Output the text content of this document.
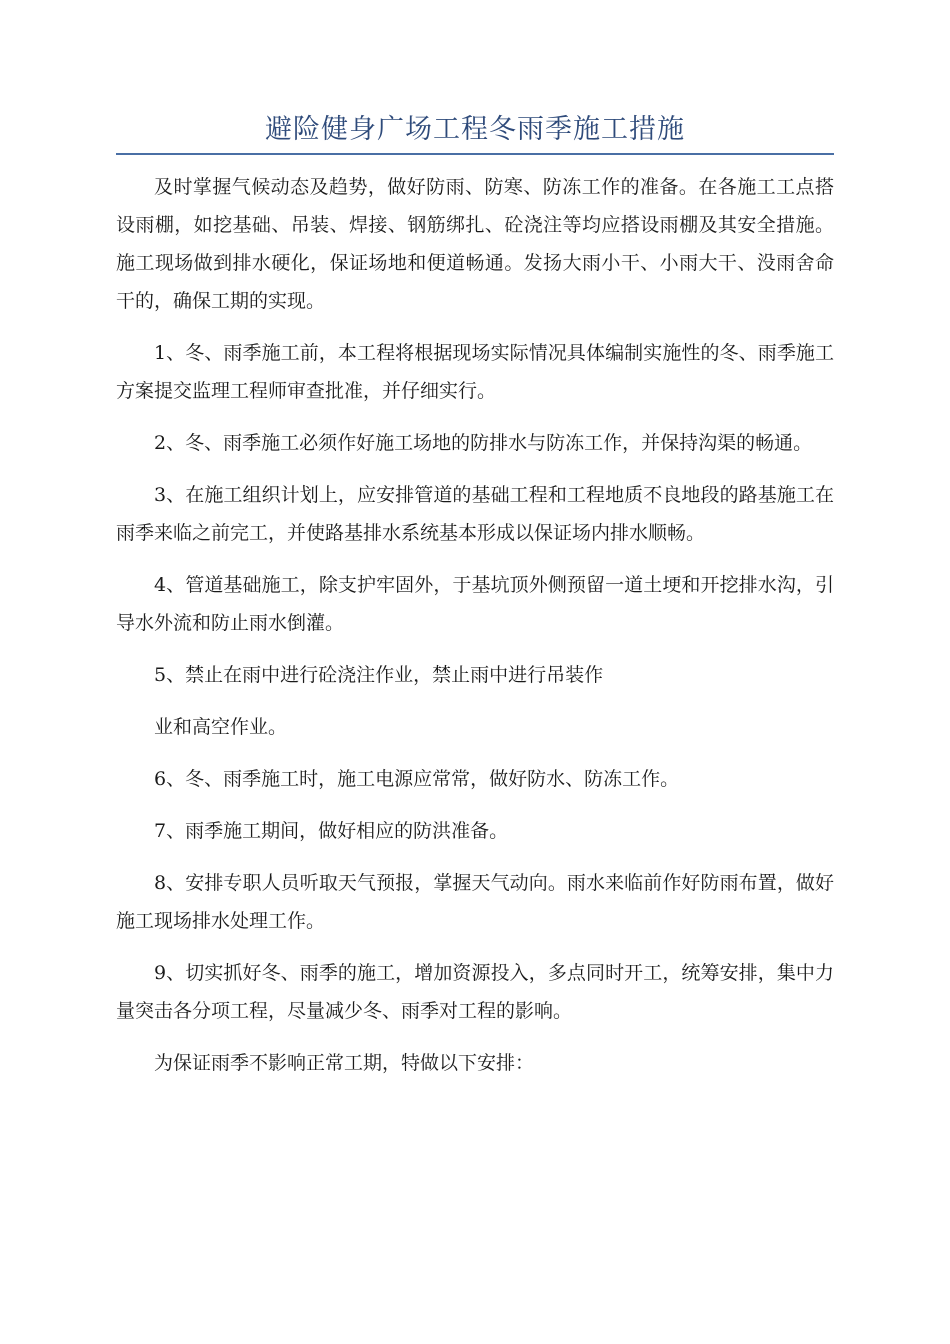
避险健身广场工程冬雨季施工措施

及时掌握气候动态及趋势，做好防雨、防寒、防冻工作的准备。在各施工工点搭设雨棚，如挖基础、吊装、焊接、钢筋绑扎、砼浇注等均应搭设雨棚及其安全措施。施工现场做到排水硬化，保证场地和便道畅通。发扬大雨小干、小雨大干、没雨舍命干的，确保工期的实现。

1、冬、雨季施工前，本工程将根据现场实际情况具体编制实施性的冬、雨季施工方案提交监理工程师审查批准，并仔细实行。

2、冬、雨季施工必须作好施工场地的防排水与防冻工作，并保持沟渠的畅通。

3、在施工组织计划上，应安排管道的基础工程和工程地质不良地段的路基施工在雨季来临之前完工，并使路基排水系统基本形成以保证场内排水顺畅。

4、管道基础施工，除支护牢固外，于基坑顶外侧预留一道土埂和开挖排水沟，引导水外流和防止雨水倒灌。

5、禁止在雨中进行砼浇注作业，禁止雨中进行吊装作

业和高空作业。

6、冬、雨季施工时，施工电源应常常，做好防水、防冻工作。

7、雨季施工期间，做好相应的防洪准备。

8、安排专职人员听取天气预报，掌握天气动向。雨水来临前作好防雨布置，做好施工现场排水处理工作。

9、切实抓好冬、雨季的施工，增加资源投入，多点同时开工，统筹安排，集中力量突击各分项工程，尽量减少冬、雨季对工程的影响。

为保证雨季不影响正常工期，特做以下安排：
